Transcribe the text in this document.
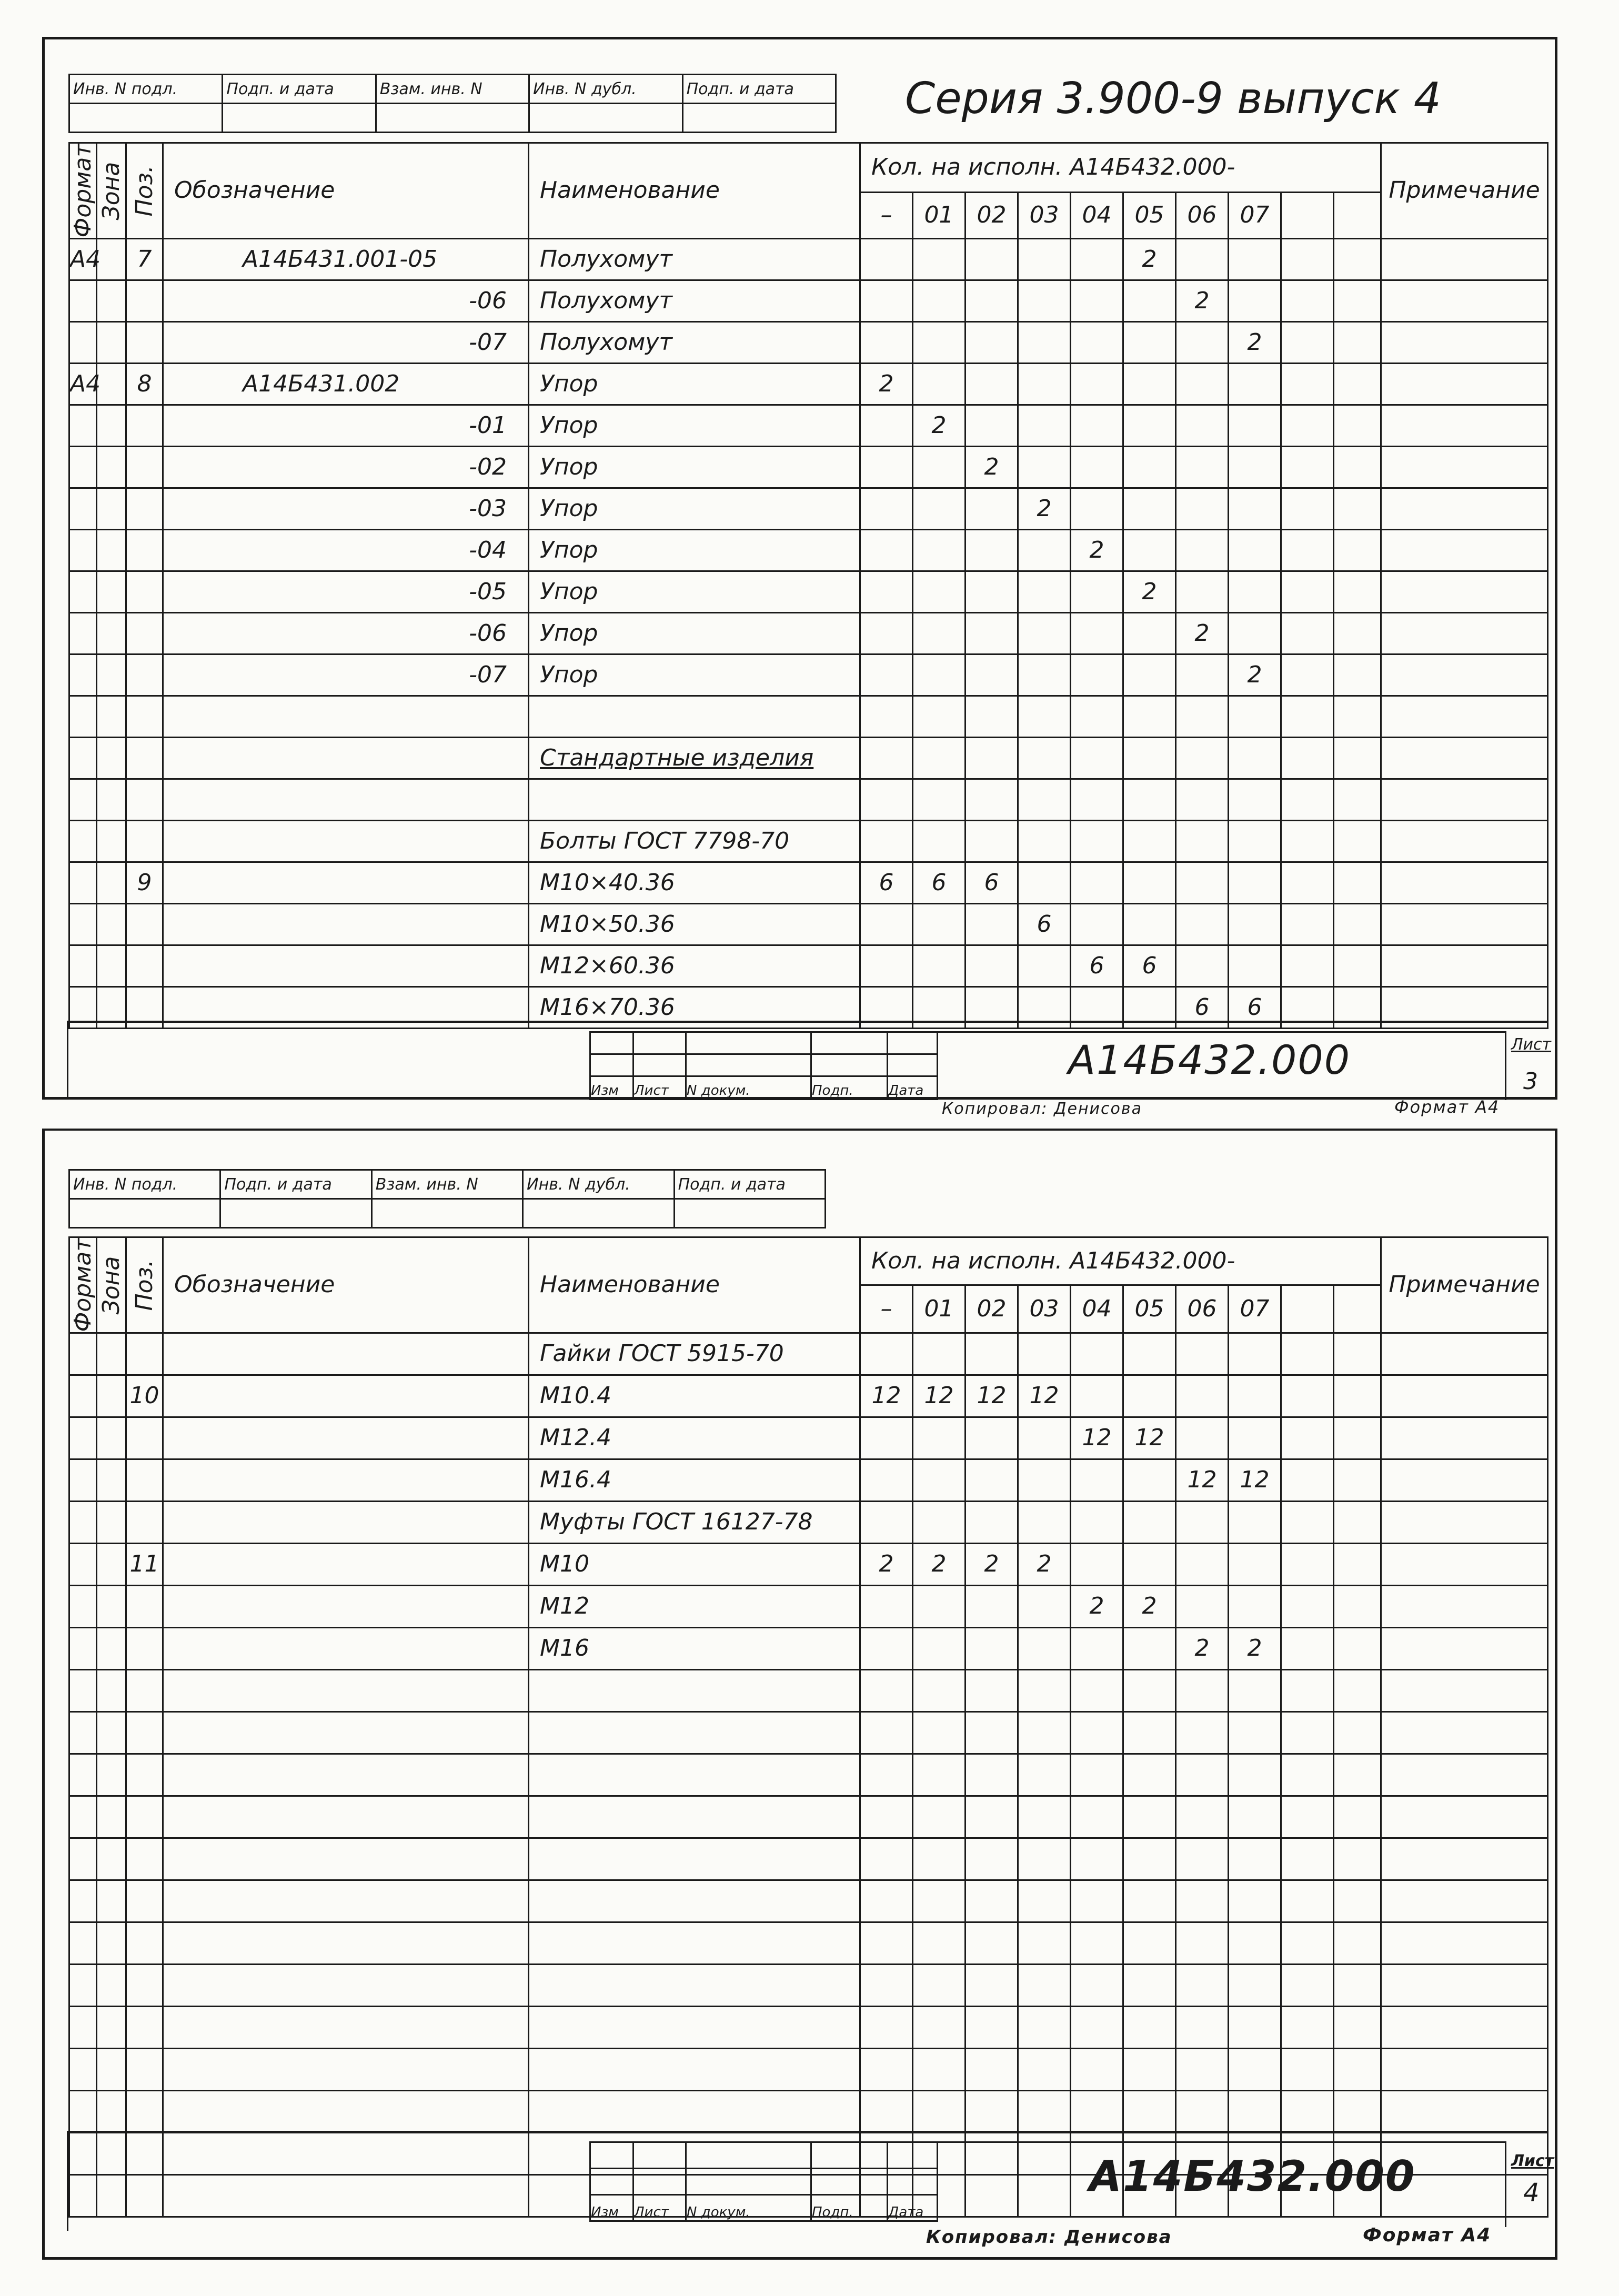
Инв. N подл.	Подп. и дата	Взам. инв. N	Инв. N дубл.	Подп. и дата
					Серия 3.900-9 выпуск 4
Формат	Зона	Поз.	Обозначение	Наименование	Кол. на исполн. А14Б432.000-										Примечание
					–	01	02	03	04	05	06	07			
А4		7	А14Б431.001-05	Полухомут						2					
			-06	Полухомут							2				
			-07	Полухомут								2			
А4		8	А14Б431.002	Упор	2										
			-01	Упор		2									
			-02	Упор			2								
			-03	Упор				2							
			-04	Упор					2						
			-05	Упор						2					
			-06	Упор							2				
			-07	Упор								2			

				Стандартные изделия											

				Болты ГОСТ 7798-70											
		9		М10×40.36	6	6	6								
				М10×50.36				6							
				М12×60.36					6	6					
				М16×70.36							6	6			

Изм	Лист	N докум.	Подп.	Дата
А14Б432.000	Лист
3
Копировал: Денисова	Формат А4
Инв. N подл.	Подп. и дата	Взам. инв. N	Инв. N дубл.	Подп. и дата

Формат	Зона	Поз.	Обозначение	Наименование	Кол. на исполн. А14Б432.000-										Примечание
					–	01	02	03	04	05	06	07			
				Гайки ГОСТ 5915-70											
		10		М10.4	12	12	12	12							
				М12.4					12	12					
				М16.4							12	12			
				Муфты ГОСТ 16127-78											
		11		М10	2	2	2	2							
				М12					2	2					
				М16							2	2			

Изм	Лист	N докум.	Подп.	Дата
А14Б432.000	Лист
4
Копировал: Денисова	Формат А4
